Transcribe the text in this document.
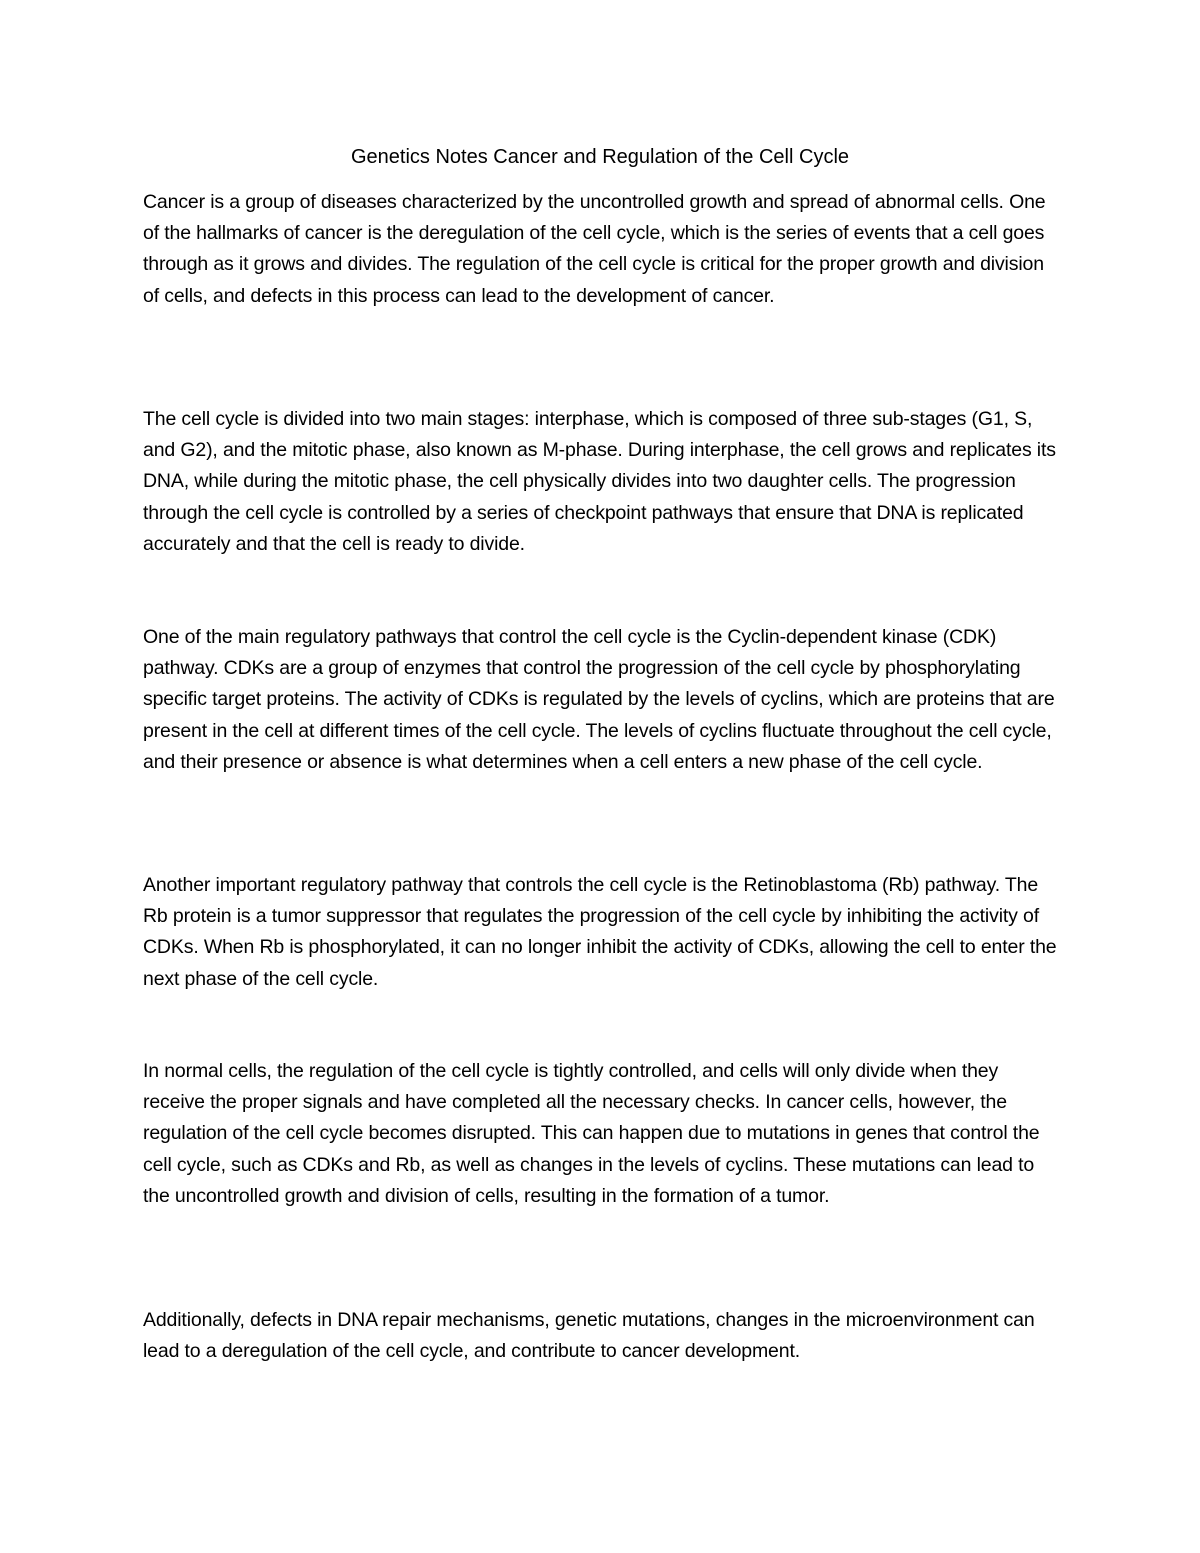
Genetics Notes Cancer and Regulation of the Cell Cycle

Cancer is a group of diseases characterized by the uncontrolled growth and spread of abnormal cells. One of the hallmarks of cancer is the deregulation of the cell cycle, which is the series of events that a cell goes through as it grows and divides. The regulation of the cell cycle is critical for the proper growth and division of cells, and defects in this process can lead to the development of cancer.

The cell cycle is divided into two main stages: interphase, which is composed of three sub-stages (G1, S, and G2), and the mitotic phase, also known as M-phase. During interphase, the cell grows and replicates its DNA, while during the mitotic phase, the cell physically divides into two daughter cells. The progression through the cell cycle is controlled by a series of checkpoint pathways that ensure that DNA is replicated accurately and that the cell is ready to divide.

One of the main regulatory pathways that control the cell cycle is the Cyclin-dependent kinase (CDK) pathway. CDKs are a group of enzymes that control the progression of the cell cycle by phosphorylating specific target proteins. The activity of CDKs is regulated by the levels of cyclins, which are proteins that are present in the cell at different times of the cell cycle. The levels of cyclins fluctuate throughout the cell cycle, and their presence or absence is what determines when a cell enters a new phase of the cell cycle.

Another important regulatory pathway that controls the cell cycle is the Retinoblastoma (Rb) pathway. The Rb protein is a tumor suppressor that regulates the progression of the cell cycle by inhibiting the activity of CDKs. When Rb is phosphorylated, it can no longer inhibit the activity of CDKs, allowing the cell to enter the next phase of the cell cycle.

In normal cells, the regulation of the cell cycle is tightly controlled, and cells will only divide when they receive the proper signals and have completed all the necessary checks. In cancer cells, however, the regulation of the cell cycle becomes disrupted. This can happen due to mutations in genes that control the cell cycle, such as CDKs and Rb, as well as changes in the levels of cyclins. These mutations can lead to the uncontrolled growth and division of cells, resulting in the formation of a tumor.

Additionally, defects in DNA repair mechanisms, genetic mutations, changes in the microenvironment can lead to a deregulation of the cell cycle, and contribute to cancer development.
